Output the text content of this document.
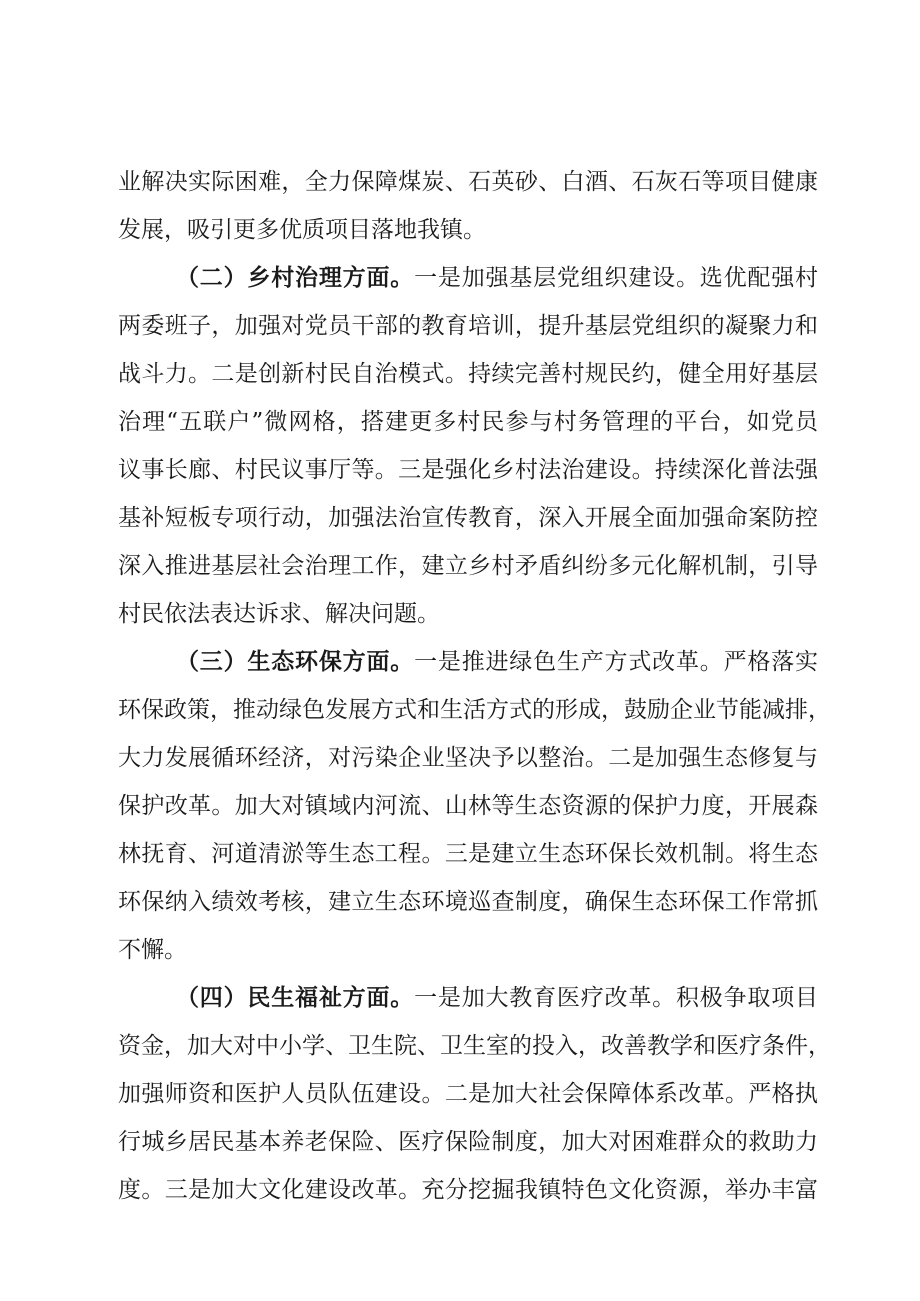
业解决实际困难，全力保障煤炭、石英砂、白酒、石灰石等项目健康

发展，吸引更多优质项目落地我镇。

（二）乡村治理方面。一是加强基层党组织建设。选优配强村

两委班子，加强对党员干部的教育培训，提升基层党组织的凝聚力和

战斗力。二是创新村民自治模式。持续完善村规民约，健全用好基层

治理“五联户”微网格，搭建更多村民参与村务管理的平台，如党员

议事长廊、村民议事厅等。三是强化乡村法治建设。持续深化普法强

基补短板专项行动，加强法治宣传教育，深入开展全面加强命案防控

深入推进基层社会治理工作，建立乡村矛盾纠纷多元化解机制，引导

村民依法表达诉求、解决问题。

（三）生态环保方面。一是推进绿色生产方式改革。严格落实

环保政策，推动绿色发展方式和生活方式的形成，鼓励企业节能减排，

大力发展循环经济，对污染企业坚决予以整治。二是加强生态修复与

保护改革。加大对镇域内河流、山林等生态资源的保护力度，开展森

林抚育、河道清淤等生态工程。三是建立生态环保长效机制。将生态

环保纳入绩效考核，建立生态环境巡查制度，确保生态环保工作常抓

不懈。

（四）民生福祉方面。一是加大教育医疗改革。积极争取项目

资金，加大对中小学、卫生院、卫生室的投入，改善教学和医疗条件，

加强师资和医护人员队伍建设。二是加大社会保障体系改革。严格执

行城乡居民基本养老保险、医疗保险制度，加大对困难群众的救助力

度。三是加大文化建设改革。充分挖掘我镇特色文化资源，举办丰富
